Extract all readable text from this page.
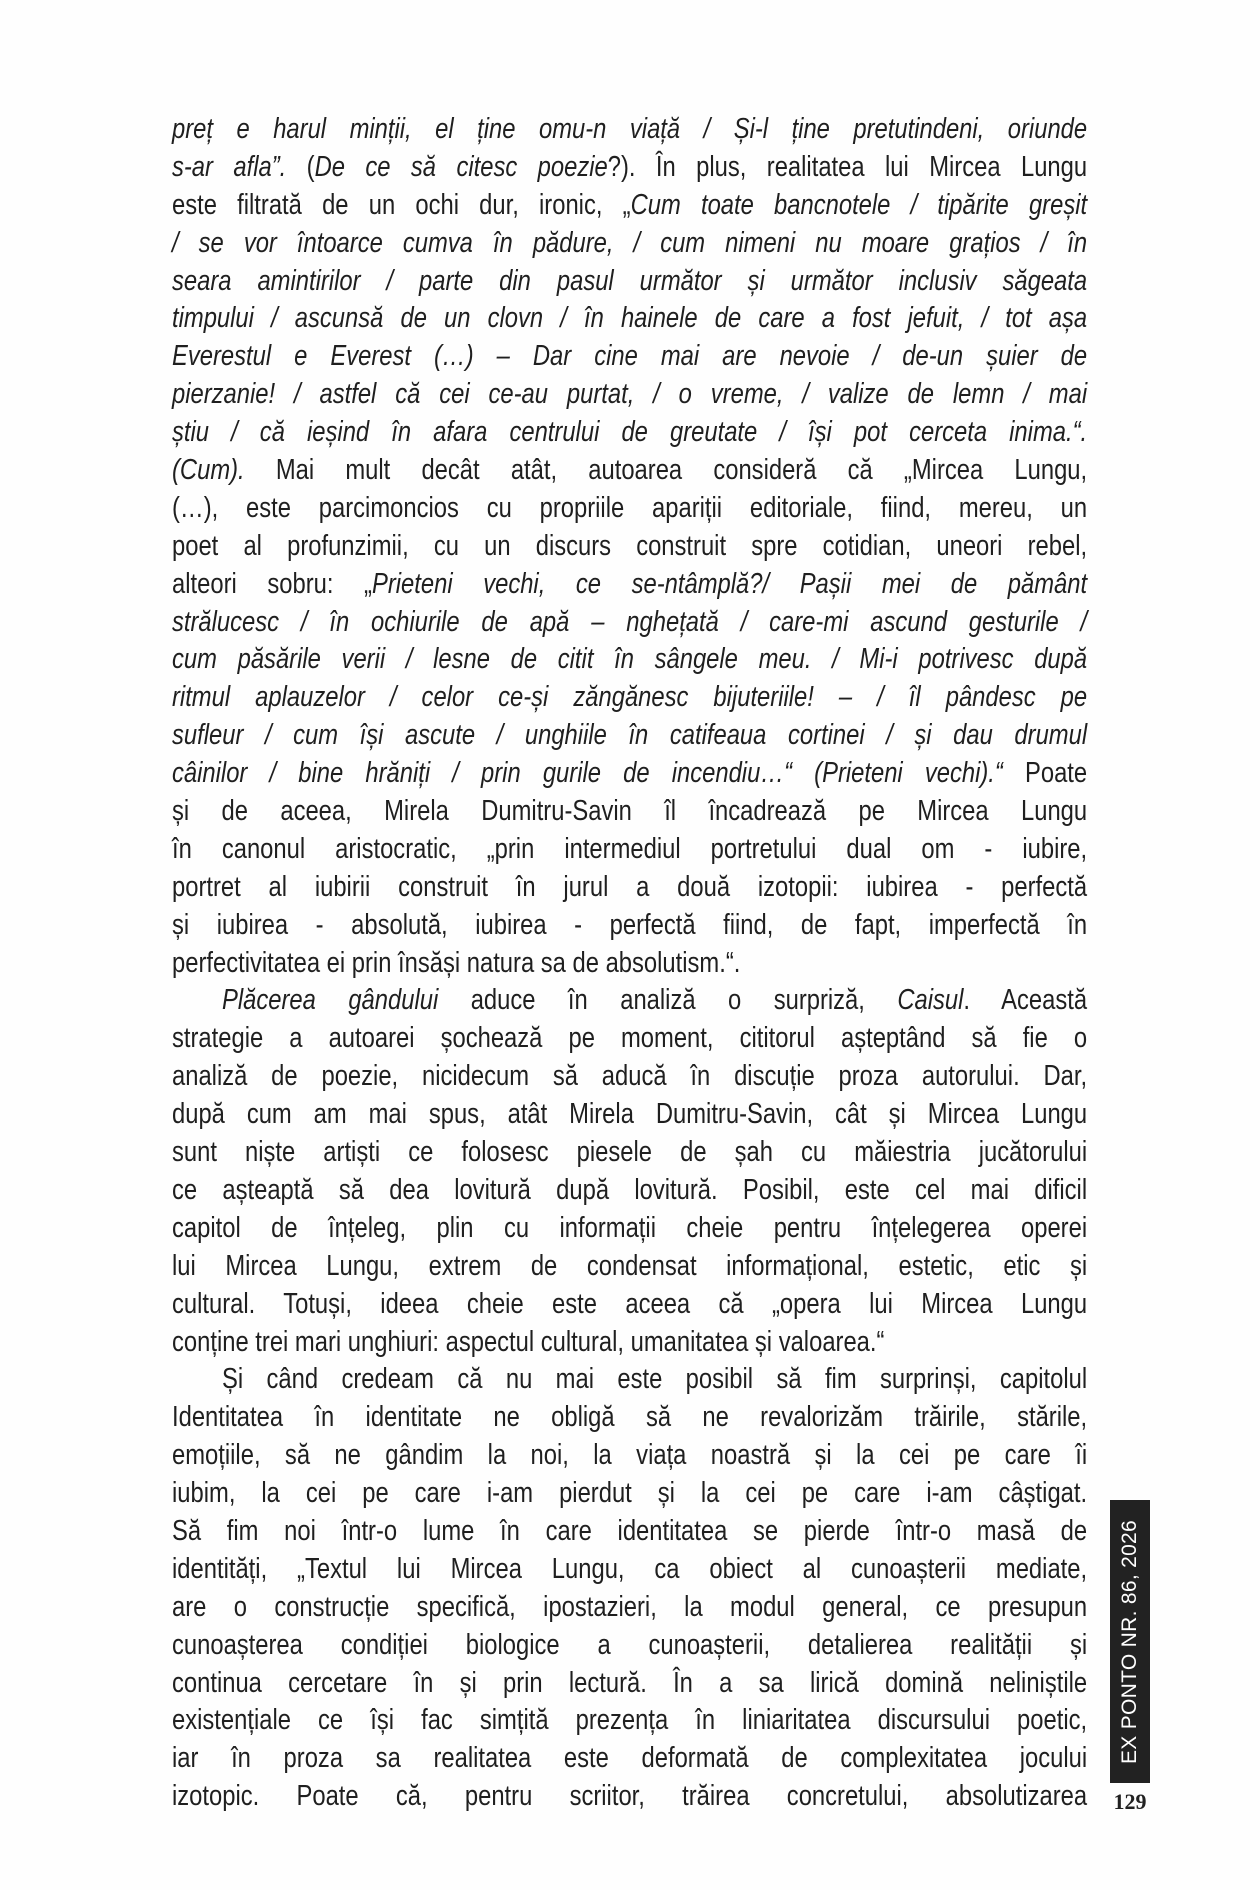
preț e harul minții, el ține omu-n viață / Și-l ține pretutindeni, oriunde
s-ar afla”. (De ce să citesc poezie?). În plus, realitatea lui Mircea Lungu
este filtrată de un ochi dur, ironic, „Cum toate bancnotele / tipărite greșit
/ se vor întoarce cumva în pădure, / cum nimeni nu moare grațios / în
seara amintirilor / parte din pasul următor și următor inclusiv săgeata
timpului / ascunsă de un clovn / în hainele de care a fost jefuit, / tot așa
Everestul e Everest (…) – Dar cine mai are nevoie / de-un șuier de
pierzanie! / astfel că cei ce-au purtat, / o vreme, / valize de lemn / mai
știu / că ieșind în afara centrului de greutate / își pot cerceta inima.“.
(Cum). Mai mult decât atât, autoarea consideră că „Mircea Lungu,
(…), este parcimoncios cu propriile apariții editoriale, fiind, mereu, un
poet al profunzimii, cu un discurs construit spre cotidian, uneori rebel,
alteori sobru: „Prieteni vechi, ce se-ntâmplă?/ Pașii mei de pământ
strălucesc / în ochiurile de apă – nghețată / care-mi ascund gesturile /
cum păsările verii / lesne de citit în sângele meu. / Mi-i potrivesc după
ritmul aplauzelor / celor ce-și zăngănesc bijuteriile! – / îl pândesc pe
sufleur / cum își ascute / unghiile în catifeaua cortinei / și dau drumul
câinilor / bine hrăniți / prin gurile de incendiu…“ (Prieteni vechi).“ Poate
și de aceea, Mirela Dumitru-Savin îl încadrează pe Mircea Lungu
în canonul aristocratic, „prin intermediul portretului dual om - iubire,
portret al iubirii construit în jurul a două izotopii: iubirea - perfectă
și iubirea - absolută, iubirea - perfectă fiind, de fapt, imperfectă în
perfectivitatea ei prin însăși natura sa de absolutism.“.
Plăcerea gândului aduce în analiză o surpriză, Caisul. Această
strategie a autoarei șochează pe moment, cititorul așteptând să fie o
analiză de poezie, nicidecum să aducă în discuție proza autorului. Dar,
după cum am mai spus, atât Mirela Dumitru-Savin, cât și Mircea Lungu
sunt niște artiști ce folosesc piesele de șah cu măiestria jucătorului
ce așteaptă să dea lovitură după lovitură. Posibil, este cel mai dificil
capitol de înțeleg, plin cu informații cheie pentru înțelegerea operei
lui Mircea Lungu, extrem de condensat informațional, estetic, etic și
cultural. Totuși, ideea cheie este aceea că „opera lui Mircea Lungu
conține trei mari unghiuri: aspectul cultural, umanitatea și valoarea.“
Și când credeam că nu mai este posibil să fim surprinși, capitolul
Identitatea în identitate ne obligă să ne revalorizăm trăirile, stările,
emoțiile, să ne gândim la noi, la viața noastră și la cei pe care îi
iubim, la cei pe care i-am pierdut și la cei pe care i-am câștigat.
Să fim noi într-o lume în care identitatea se pierde într-o masă de
identități, „Textul lui Mircea Lungu, ca obiect al cunoașterii mediate,
are o construcție specifică, ipostazieri, la modul general, ce presupun
cunoașterea condiției biologice a cunoașterii, detalierea realității și
continua cercetare în și prin lectură. În a sa lirică domină neliniștile
existențiale ce își fac simțită prezența în liniaritatea discursului poetic,
iar în proza sa realitatea este deformată de complexitatea jocului
izotopic. Poate că, pentru scriitor, trăirea concretului, absolutizarea
EX PONTO NR. 86, 2026
129
